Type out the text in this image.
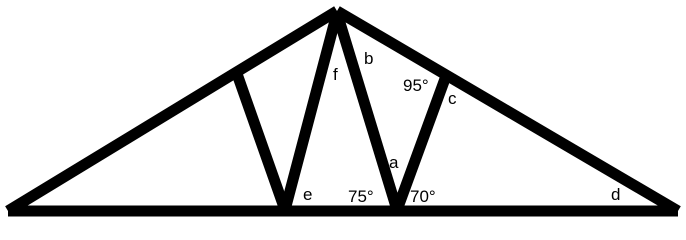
b
f
95°
c
a
e 75° 70°	d
